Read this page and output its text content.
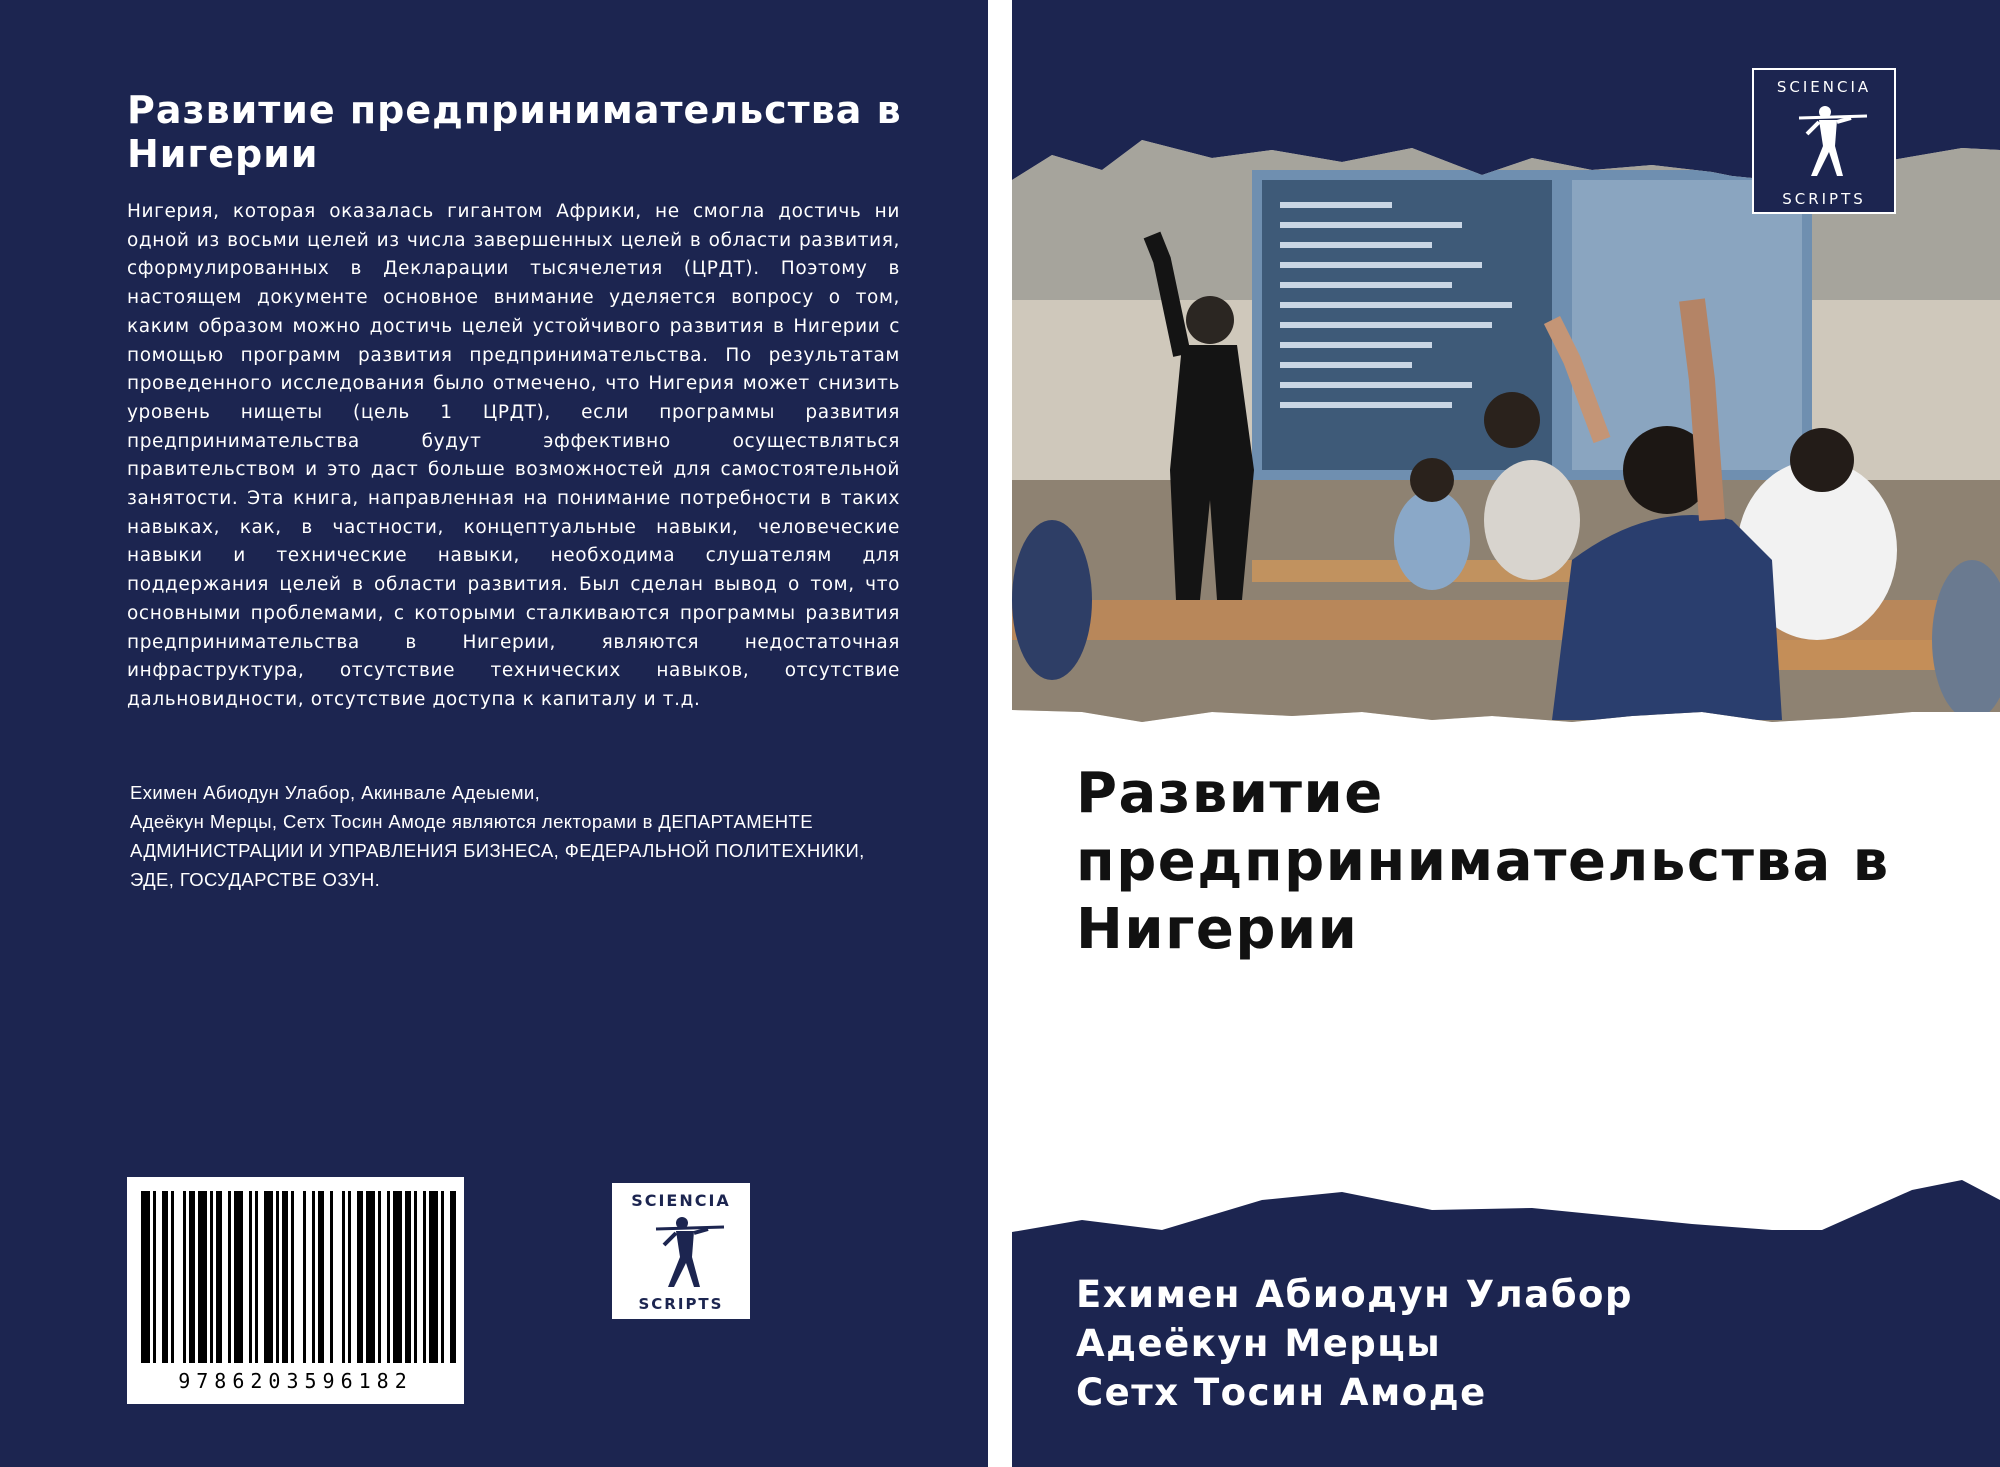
Развитие предпринимательства в Нигерии

Нигерия, которая оказалась гигантом Африки, не смогла достичь ни одной из восьми целей из числа завершенных целей в области развития, сформулированных в Декларации тысячелетия (ЦРДТ). Поэтому в настоящем документе основное внимание уделяется вопросу о том, каким образом можно достичь целей устойчивого развития в Нигерии с помощью программ развития предпринимательства. По результатам проведенного исследования было отмечено, что Нигерия может снизить уровень нищеты (цель 1 ЦРДТ), если программы развития предпринимательства будут эффективно осуществляться правительством и это даст больше возможностей для самостоятельной занятости. Эта книга, направленная на понимание потребности в таких навыках, как, в частности, концептуальные навыки, человеческие навыки и технические навыки, необходима слушателям для поддержания целей в области развития. Был сделан вывод о том, что основными проблемами, с которыми сталкиваются программы развития предпринимательства в Нигерии, являются недостаточная инфраструктура, отсутствие технических навыков, отсутствие дальновидности, отсутствие доступа к капиталу и т.д.

Ехимен Абиодун Улабор, Акинвале Адеыеми,

Адеёкун Мерцы, Сетх Тосин Амоде являются лекторами в ДЕПАРТАМЕНТЕ АДМИНИСТРАЦИИ И УПРАВЛЕНИЯ БИЗНЕСА, ФЕДЕРАЛЬНОЙ ПОЛИТЕХНИКИ, ЭДЕ, ГОСУДАРСТВЕ ОЗУН.

9786203596182
SCIENCIA
SCRIPTS
SCIENCIA
SCRIPTS
Развитие предпринимательства в Нигерии
Ехимен Абиодун Улабор
Адеёкун Мерцы
Сетх Тосин Амоде
